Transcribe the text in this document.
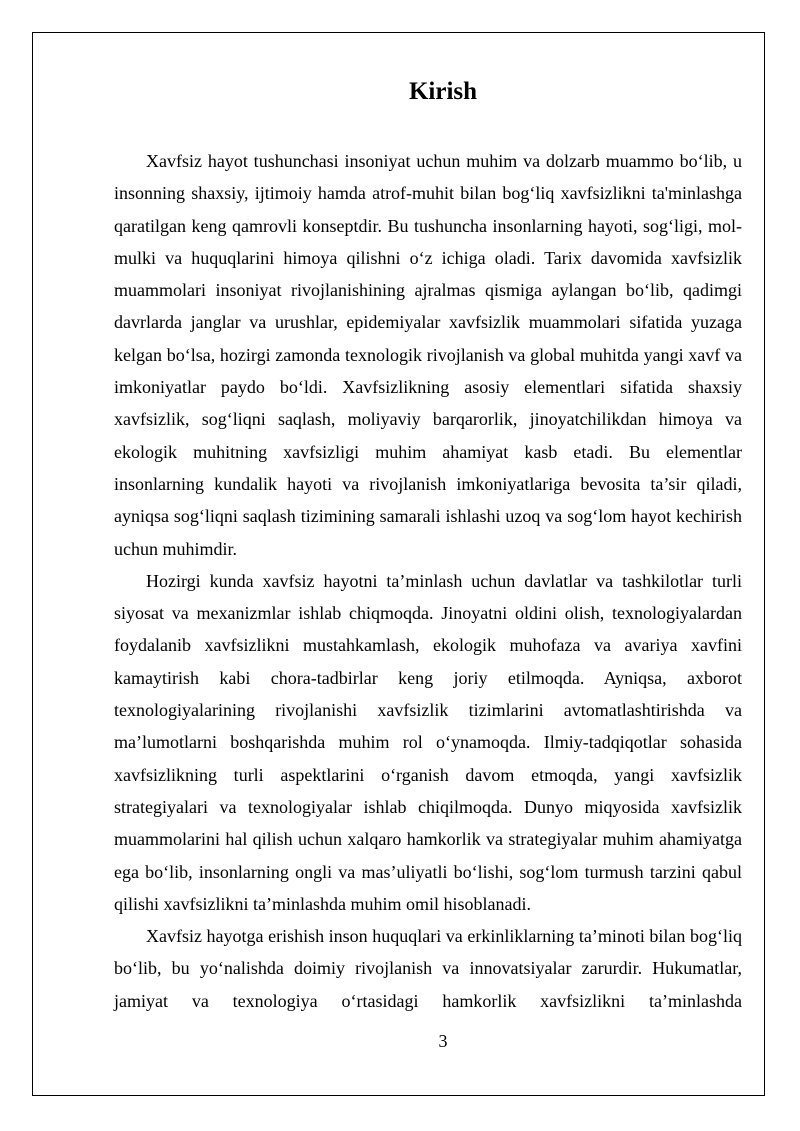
Kirish

Xavfsiz hayot tushunchasi insoniyat uchun muhim va dolzarb muammo bo‘lib, u insonning shaxsiy, ijtimoiy hamda atrof-muhit bilan bog‘liq xavfsizlikni ta'minlashga qaratilgan keng qamrovli konseptdir. Bu tushuncha insonlarning hayoti, sog‘ligi, mol-mulki va huquqlarini himoya qilishni o‘z ichiga oladi. Tarix davomida xavfsizlik muammolari insoniyat rivojlanishining ajralmas qismiga aylangan bo‘lib, qadimgi davrlarda janglar va urushlar, epidemiyalar xavfsizlik muammolari sifatida yuzaga kelgan bo‘lsa, hozirgi zamonda texnologik rivojlanish va global muhitda yangi xavf va imkoniyatlar paydo bo‘ldi. Xavfsizlikning asosiy elementlari sifatida shaxsiy xavfsizlik, sog‘liqni saqlash, moliyaviy barqarorlik, jinoyatchilikdan himoya va ekologik muhitning xavfsizligi muhim ahamiyat kasb etadi. Bu elementlar insonlarning kundalik hayoti va rivojlanish imkoniyatlariga bevosita ta’sir qiladi, ayniqsa sog‘liqni saqlash tizimining samarali ishlashi uzoq va sog‘lom hayot kechirish uchun muhimdir.

Hozirgi kunda xavfsiz hayotni ta’minlash uchun davlatlar va tashkilotlar turli siyosat va mexanizmlar ishlab chiqmoqda. Jinoyatni oldini olish, texnologiyalardan foydalanib xavfsizlikni mustahkamlash, ekologik muhofaza va avariya xavfini kamaytirish kabi chora-tadbirlar keng joriy etilmoqda. Ayniqsa, axborot texnologiyalarining rivojlanishi xavfsizlik tizimlarini avtomatlashtirishda va ma’lumotlarni boshqarishda muhim rol o‘ynamoqda. Ilmiy-tadqiqotlar sohasida xavfsizlikning turli aspektlarini o‘rganish davom etmoqda, yangi xavfsizlik strategiyalari va texnologiyalar ishlab chiqilmoqda. Dunyo miqyosida xavfsizlik muammolarini hal qilish uchun xalqaro hamkorlik va strategiyalar muhim ahamiyatga ega bo‘lib, insonlarning ongli va mas’uliyatli bo‘lishi, sog‘lom turmush tarzini qabul qilishi xavfsizlikni ta’minlashda muhim omil hisoblanadi.

Xavfsiz hayotga erishish inson huquqlari va erkinliklarning ta’minoti bilan bog‘liq bo‘lib, bu yo‘nalishda doimiy rivojlanish va innovatsiyalar zarurdir. Hukumatlar, jamiyat va texnologiya o‘rtasidagi hamkorlik xavfsizlikni ta’minlashda

3
